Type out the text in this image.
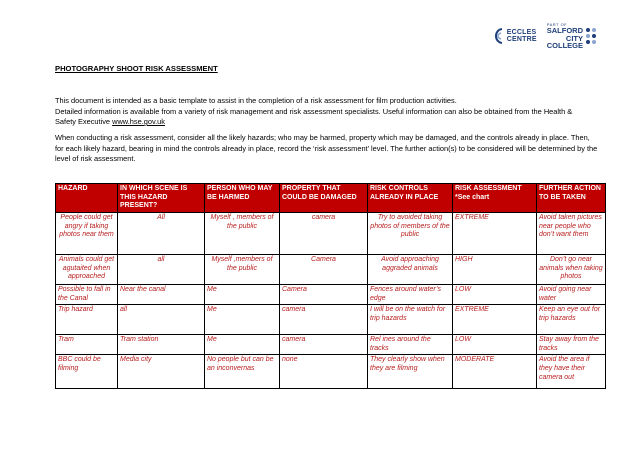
ECCLES
CENTRE
PART OF
SALFORD
CITY
COLLEGE
PHOTOGRAPHY SHOOT RISK ASSESSMENT

This document is intended as a basic template to assist in the completion of a risk assessment for film production activities.

Detailed information is available from a variety of risk management and risk assessment specialists. Useful information can also be obtained from the Health & Safety Executive www.hse.gov.uk

When conducting a risk assessment, consider all the likely hazards; who may be harmed, property which may be damaged, and the controls already in place. Then, for each likely hazard, bearing in mind the controls already in place, record the ‘risk assessment’ level. The further action(s) to be considered will be determined by the level of risk assessment.
HAZARD	IN WHICH SCENE IS THIS HAZARD PRESENT?	PERSON WHO MAY BE HARMED	PROPERTY THAT COULD BE DAMAGED	RISK CONTROLS ALREADY IN PLACE	RISK ASSESSMENT *See chart	FURTHER ACTION TO BE TAKEN
People could get angry if taking photos near them	All	Myself , members of the public	camera	Try to avoided taking photos of members of the public	EXTREME	Avoid taken pictures near people who don’t want them
Animals could get agutaited when approached	all	Myself ,members of the public	Camera	Avoid approaching aggraded animals	HIGH	Don’t go near animals when taking photos
Possible to fall in the Canal	Near the canal	Me	Camera	Fences around water’s edge	LOW	Avoid going near water
Trip hazard	all	Me	camera	I will be on the watch for trip hazards	EXTREME	Keep an eye out for trip hazards
Tram	Tram station	Me	camera	Rel ines around the tracks	LOW	Stay away from the tracks
BBC could be filming	Media city	No people but can be an inconvernas	none	They clearly show when they are filming	MODERATE	Avoid the area if they have their camera out
